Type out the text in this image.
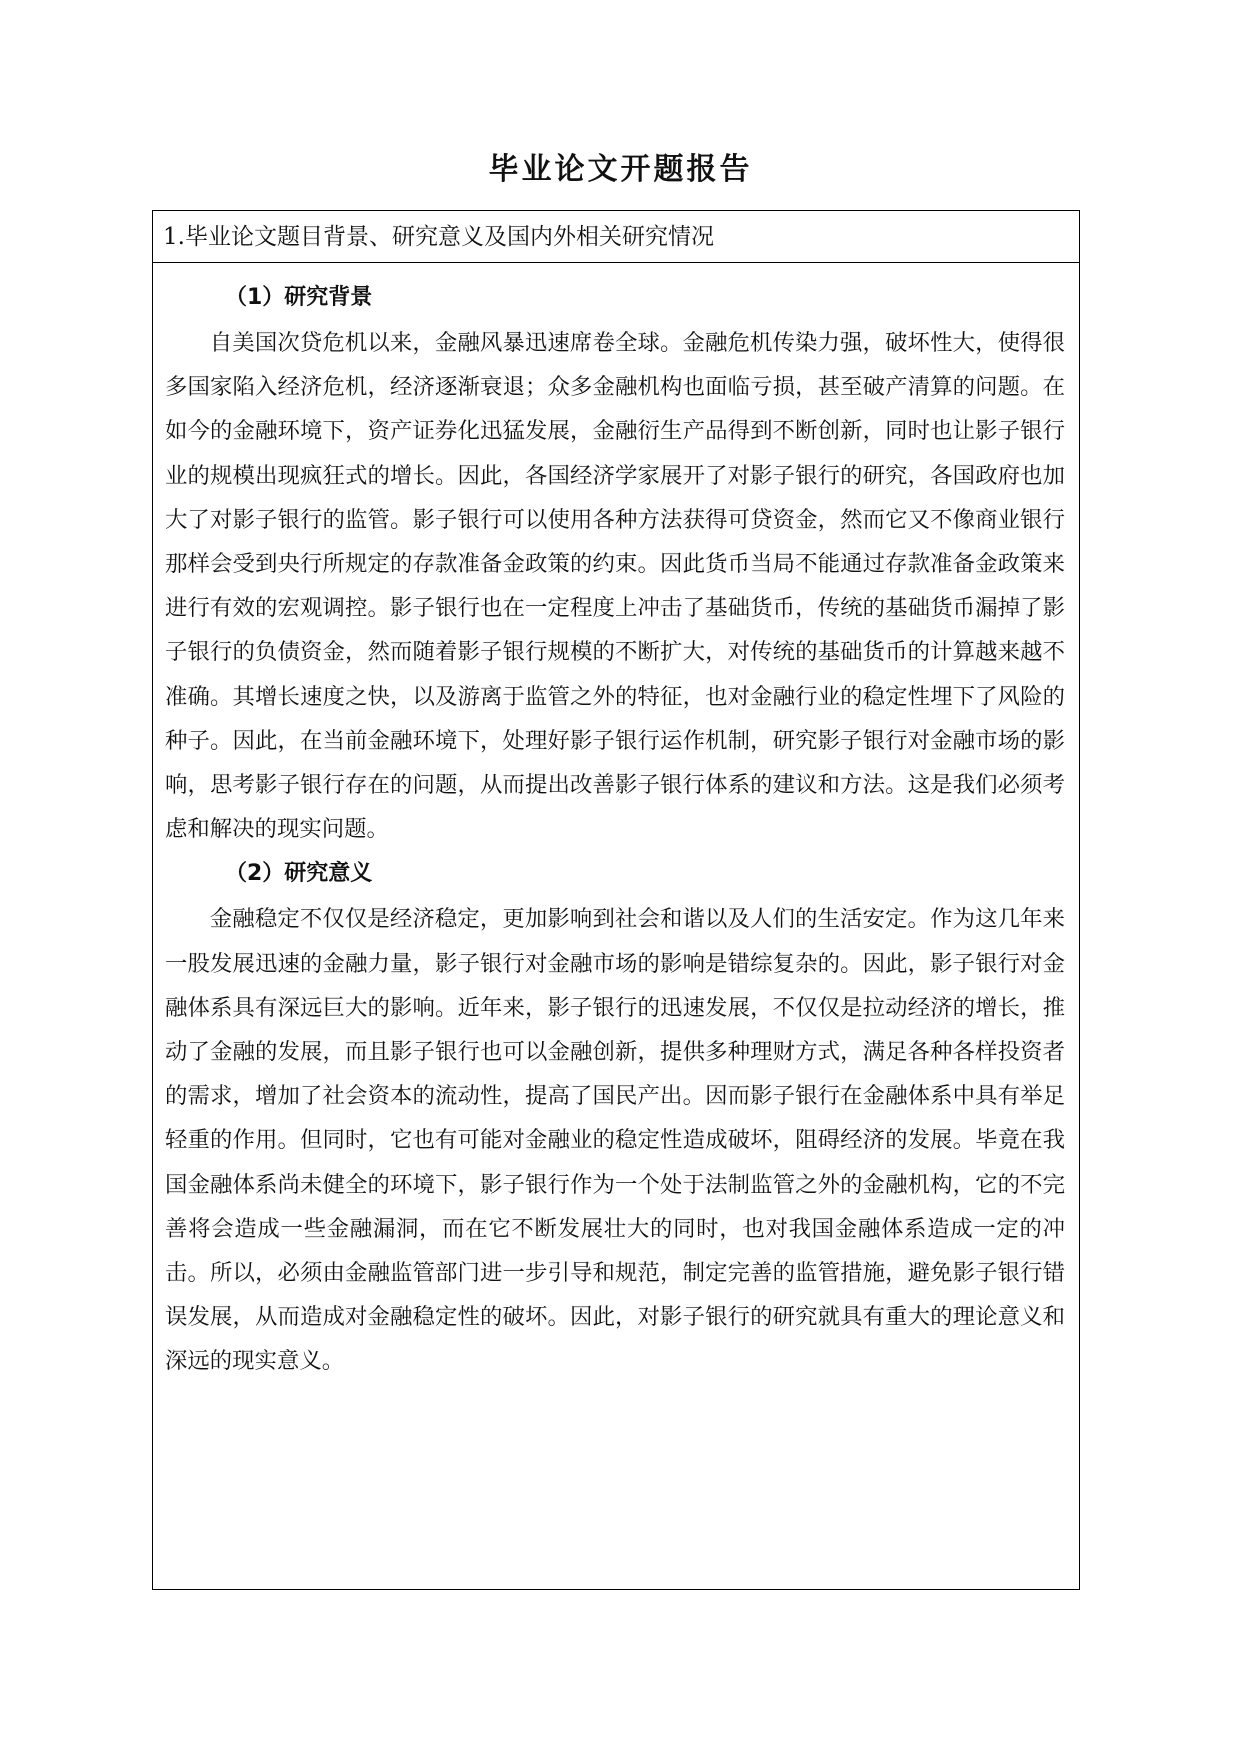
毕业论文开题报告
1.毕业论文题目背景、研究意义及国内外相关研究情况
（1）研究背景

自美国次贷危机以来，金融风暴迅速席卷全球。金融危机传染力强，破坏性大，使得很多国家陷入经济危机，经济逐渐衰退；众多金融机构也面临亏损，甚至破产清算的问题。在如今的金融环境下，资产证券化迅猛发展，金融衍生产品得到不断创新，同时也让影子银行业的规模出现疯狂式的增长。因此，各国经济学家展开了对影子银行的研究，各国政府也加大了对影子银行的监管。影子银行可以使用各种方法获得可贷资金，然而它又不像商业银行那样会受到央行所规定的存款准备金政策的约束。因此货币当局不能通过存款准备金政策来进行有效的宏观调控。影子银行也在一定程度上冲击了基础货币，传统的基础货币漏掉了影子银行的负债资金，然而随着影子银行规模的不断扩大，对传统的基础货币的计算越来越不准确。其增长速度之快，以及游离于监管之外的特征，也对金融行业的稳定性埋下了风险的种子。因此，在当前金融环境下，处理好影子银行运作机制，研究影子银行对金融市场的影响，思考影子银行存在的问题，从而提出改善影子银行体系的建议和方法。这是我们必须考虑和解决的现实问题。

（2）研究意义

金融稳定不仅仅是经济稳定，更加影响到社会和谐以及人们的生活安定。作为这几年来一股发展迅速的金融力量，影子银行对金融市场的影响是错综复杂的。因此，影子银行对金融体系具有深远巨大的影响。近年来，影子银行的迅速发展，不仅仅是拉动经济的增长，推动了金融的发展，而且影子银行也可以金融创新，提供多种理财方式，满足各种各样投资者的需求，增加了社会资本的流动性，提高了国民产出。因而影子银行在金融体系中具有举足轻重的作用。但同时，它也有可能对金融业的稳定性造成破坏，阻碍经济的发展。毕竟在我国金融体系尚未健全的环境下，影子银行作为一个处于法制监管之外的金融机构，它的不完善将会造成一些金融漏洞，而在它不断发展壮大的同时，也对我国金融体系造成一定的冲击。所以，必须由金融监管部门进一步引导和规范，制定完善的监管措施，避免影子银行错误发展，从而造成对金融稳定性的破坏。因此，对影子银行的研究就具有重大的理论意义和深远的现实意义。
